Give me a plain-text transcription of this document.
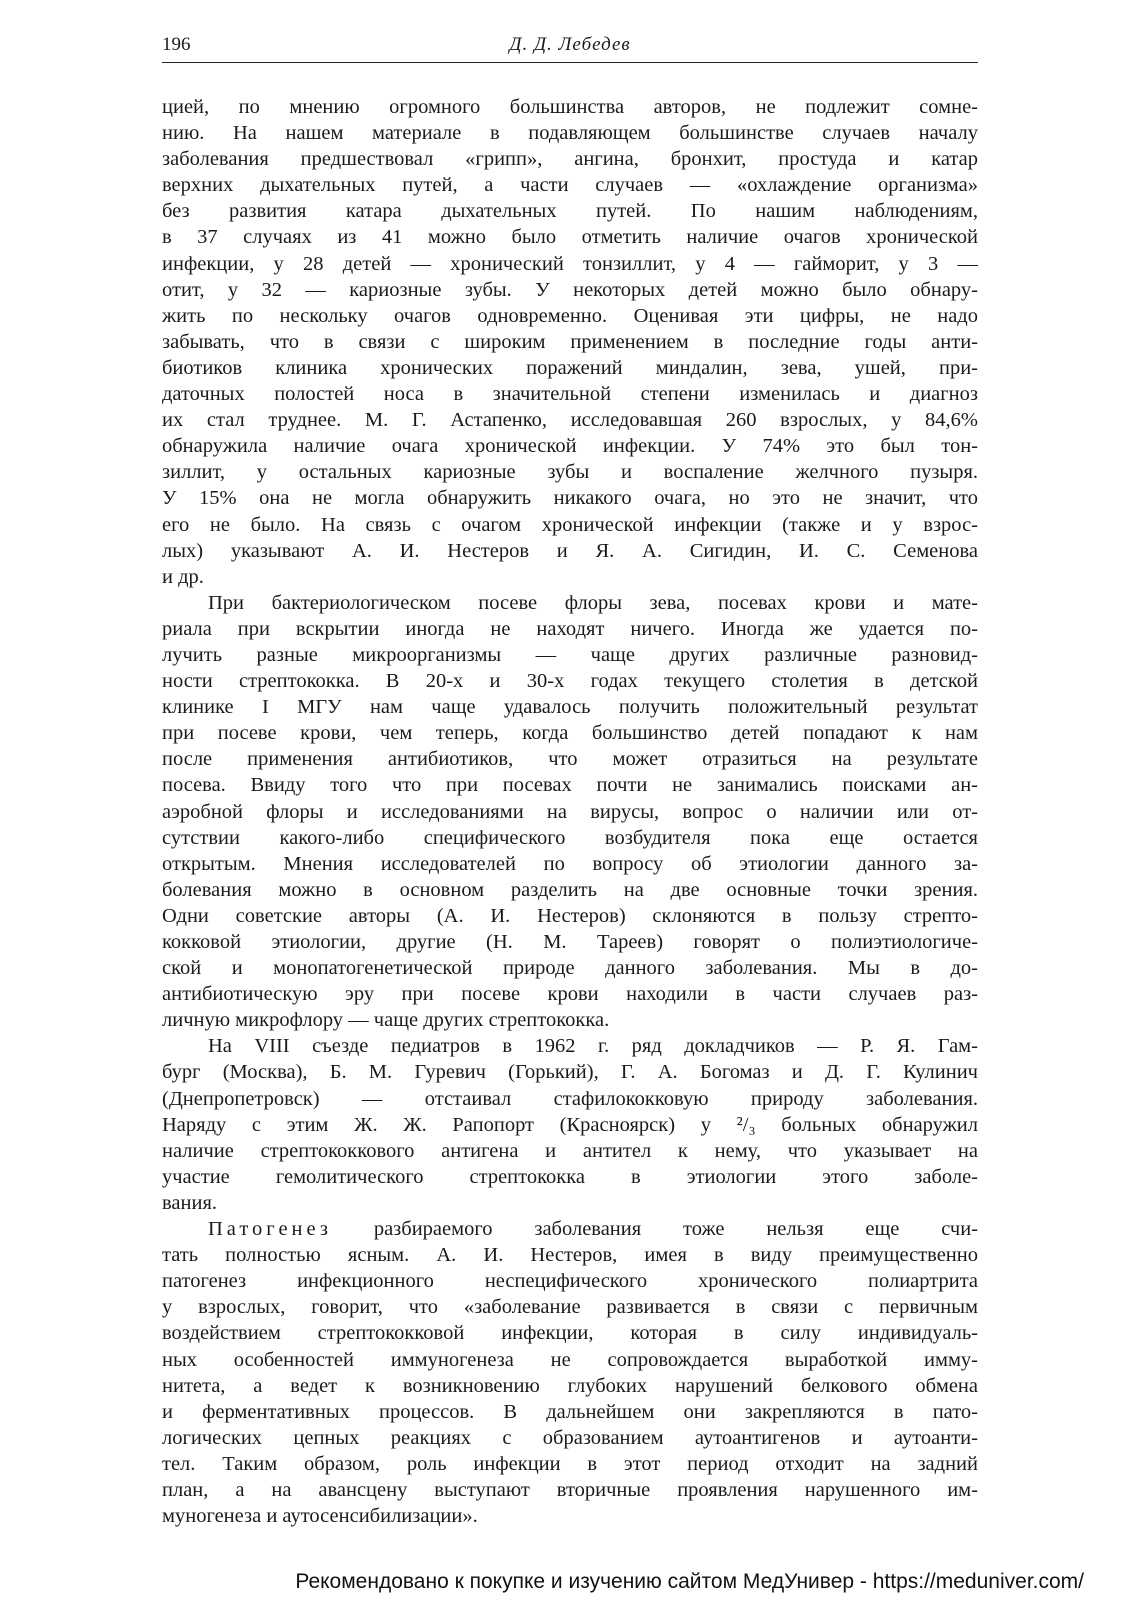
196	Д. Д. Лебедев
цией, по мнению огромного большинства авторов, не подлежит сомне-
нию. На нашем материале в подавляющем большинстве случаев началу
заболевания предшествовал «грипп», ангина, бронхит, простуда и катар
верхних дыхательных путей, а части случаев — «охлаждение организма»
без развития катара дыхательных путей. По нашим наблюдениям,
в 37 случаях из 41 можно было отметить наличие очагов хронической
инфекции, у 28 детей — хронический тонзиллит, у 4 — гайморит, у 3 —
отит, у 32 — кариозные зубы. У некоторых детей можно было обнару-
жить по нескольку очагов одновременно. Оценивая эти цифры, не надо
забывать, что в связи с широким применением в последние годы анти-
биотиков клиника хронических поражений миндалин, зева, ушей, при-
даточных полостей носа в значительной степени изменилась и диагноз
их стал труднее. М. Г. Астапенко, исследовавшая 260 взрослых, у 84,6%
обнаружила наличие очага хронической инфекции. У 74% это был тон-
зиллит, у остальных кариозные зубы и воспаление желчного пузыря.
У 15% она не могла обнаружить никакого очага, но это не значит, что
его не было. На связь с очагом хронической инфекции (также и у взрос-
лых) указывают А. И. Нестеров и Я. А. Сигидин, И. С. Семенова
и др.
При бактериологическом посеве флоры зева, посевах крови и мате-
риала при вскрытии иногда не находят ничего. Иногда же удается по-
лучить разные микроорганизмы — чаще других различные разновид-
ности стрептококка. В 20-х и 30-х годах текущего столетия в детской
клинике I МГУ нам чаще удавалось получить положительный результат
при посеве крови, чем теперь, когда большинство детей попадают к нам
после применения антибиотиков, что может отразиться на результате
посева. Ввиду того что при посевах почти не занимались поисками ан-
аэробной флоры и исследованиями на вирусы, вопрос о наличии или от-
сутствии какого-либо специфического возбудителя пока еще остается
открытым. Мнения исследователей по вопросу об этиологии данного за-
болевания можно в основном разделить на две основные точки зрения.
Одни советские авторы (А. И. Нестеров) склоняются в пользу стрепто-
кокковой этиологии, другие (Н. М. Тареев) говорят о полиэтиологиче-
ской и монопатогенетической природе данного заболевания. Мы в до-
антибиотическую эру при посеве крови находили в части случаев раз-
личную микрофлору — чаще других стрептококка.
На VIII съезде педиатров в 1962 г. ряд докладчиков — Р. Я. Гам-
бург (Москва), Б. М. Гуревич (Горький), Г. А. Богомаз и Д. Г. Кулинич
(Днепропетровск) — отстаивал стафилококковую природу заболевания.
Наряду с этим Ж. Ж. Рапопорт (Красноярск) у ²/₃ больных обнаружил
наличие стрептококкового антигена и антител к нему, что указывает на
участие гемолитического стрептококка в этиологии этого заболе-
вания.
Патогенез разбираемого заболевания тоже нельзя еще счи-
тать полностью ясным. А. И. Нестеров, имея в виду преимущественно
патогенез инфекционного неспецифического хронического полиартрита
у взрослых, говорит, что «заболевание развивается в связи с первичным
воздействием стрептококковой инфекции, которая в силу индивидуаль-
ных особенностей иммуногенеза не сопровождается выработкой имму-
нитета, а ведет к возникновению глубоких нарушений белкового обмена
и ферментативных процессов. В дальнейшем они закрепляются в пато-
логических цепных реакциях с образованием аутоантигенов и аутоанти-
тел. Таким образом, роль инфекции в этот период отходит на задний
план, а на авансцену выступают вторичные проявления нарушенного им-
муногенеза и аутосенсибилизации».
Рекомендовано к покупке и изучению сайтом МедУнивер - https://meduniver.com/
